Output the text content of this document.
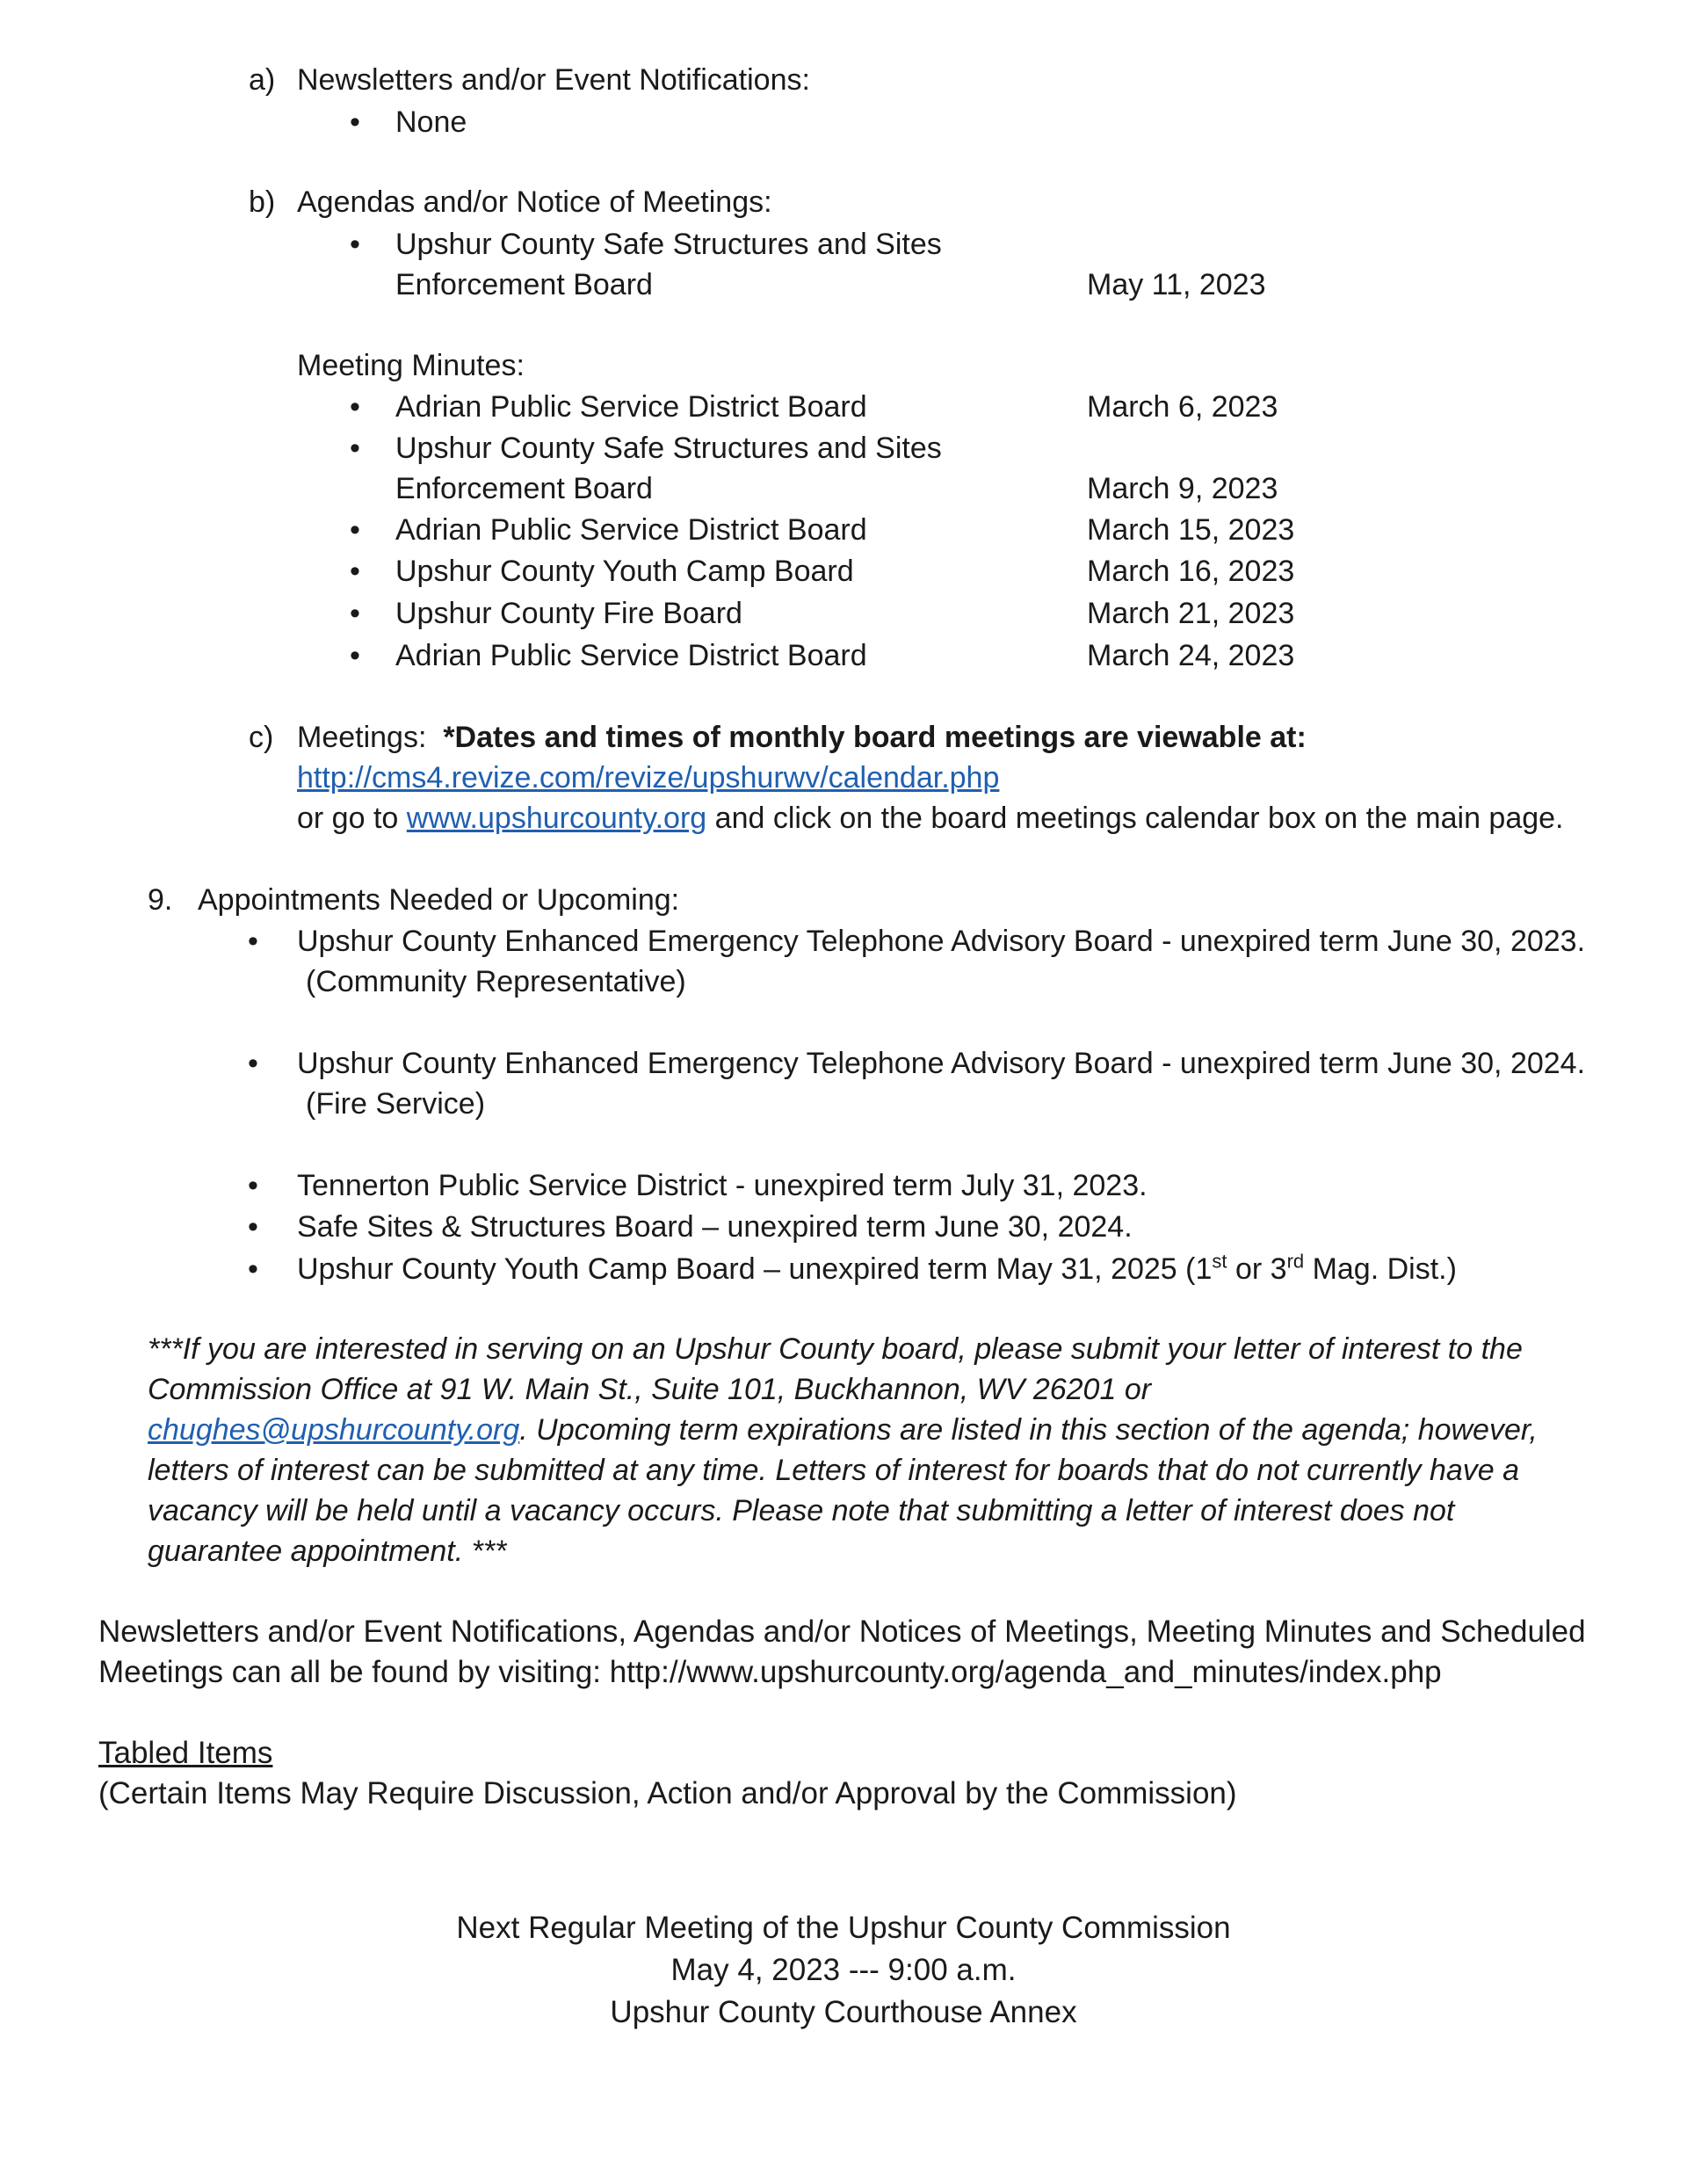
a) Newsletters and/or Event Notifications:
•
None
b) Agendas and/or Notice of Meetings:
•
Upshur County Safe Structures and Sites
Enforcement Board	May 11, 2023
Meeting Minutes:
•
Adrian Public Service District Board	March 6, 2023
•
Upshur County Safe Structures and Sites
Enforcement Board	March 9, 2023
•
Adrian Public Service District Board	March 15, 2023
•
Upshur County Youth Camp Board	March 16, 2023
•
Upshur County Fire Board	March 21, 2023
•
Adrian Public Service District Board	March 24, 2023
c) Meetings: *Dates and times of monthly board meetings are viewable at:
http://cms4.revize.com/revize/upshurwv/calendar.php
or go to www.upshurcounty.org and click on the board meetings calendar box on the main page.
9. Appointments Needed or Upcoming:
•
Upshur County Enhanced Emergency Telephone Advisory Board - unexpired term June 30, 2023.
(Community Representative)
•
Upshur County Enhanced Emergency Telephone Advisory Board - unexpired term June 30, 2024.
(Fire Service)
•
Tennerton Public Service District - unexpired term July 31, 2023.
•
Safe Sites & Structures Board – unexpired term June 30, 2024.
•
Upshur County Youth Camp Board – unexpired term May 31, 2025 (1st or 3rd Mag. Dist.)
***If you are interested in serving on an Upshur County board, please submit your letter of interest to the
Commission Office at 91 W. Main St., Suite 101, Buckhannon, WV 26201 or
chughes@upshurcounty.org. Upcoming term expirations are listed in this section of the agenda; however,
letters of interest can be submitted at any time. Letters of interest for boards that do not currently have a
vacancy will be held until a vacancy occurs. Please note that submitting a letter of interest does not
guarantee appointment. ***
Newsletters and/or Event Notifications, Agendas and/or Notices of Meetings, Meeting Minutes and Scheduled
Meetings can all be found by visiting: http://www.upshurcounty.org/agenda_and_minutes/index.php
Tabled Items
(Certain Items May Require Discussion, Action and/or Approval by the Commission)
Next Regular Meeting of the Upshur County Commission
May 4, 2023 --- 9:00 a.m.
Upshur County Courthouse Annex
